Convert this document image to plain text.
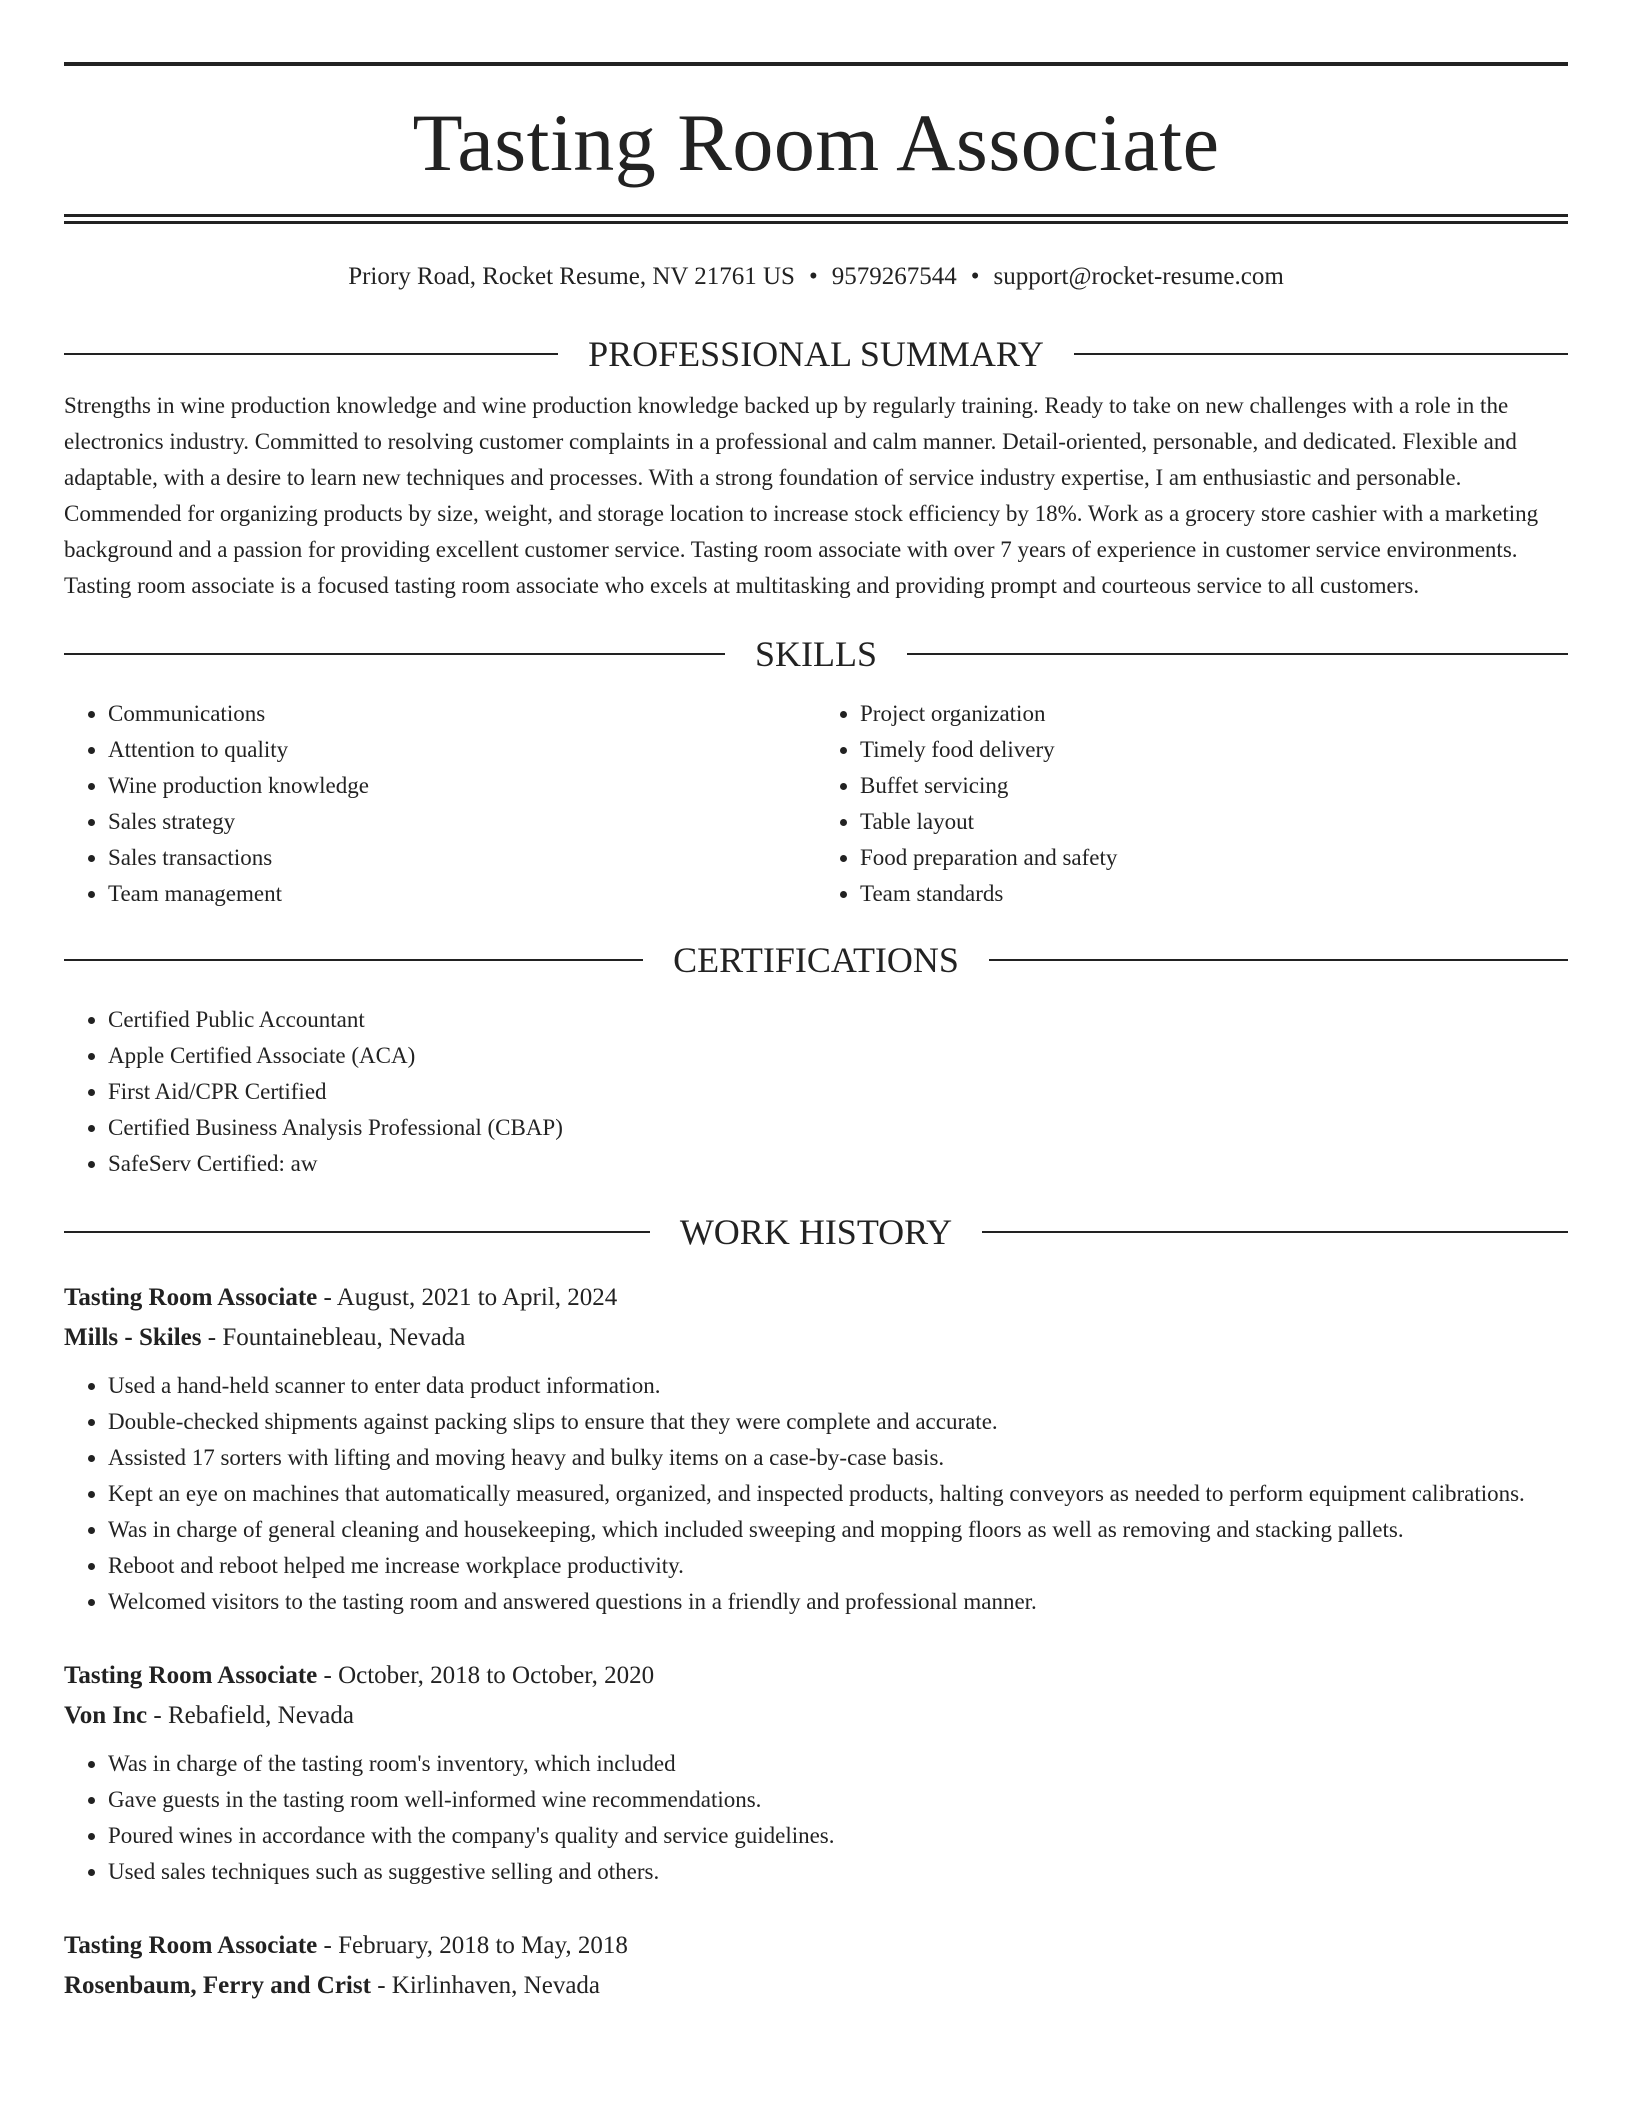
Tasting Room Associate
Priory Road, Rocket Resume, NV 21761 US • 9579267544 • support@rocket-resume.com
PROFESSIONAL SUMMARY

Strengths in wine production knowledge and wine production knowledge backed up by regularly training. Ready to take on new challenges with a role in the electronics industry. Committed to resolving customer complaints in a professional and calm manner. Detail-oriented, personable, and dedicated. Flexible and adaptable, with a desire to learn new techniques and processes. With a strong foundation of service industry expertise, I am enthusiastic and personable. Commended for organizing products by size, weight, and storage location to increase stock efficiency by 18%. Work as a grocery store cashier with a marketing background and a passion for providing excellent customer service. Tasting room associate with over 7 years of experience in customer service environments. Tasting room associate is a focused tasting room associate who excels at multitasking and providing prompt and courteous service to all customers.

SKILLS
• Communications
• Attention to quality
• Wine production knowledge
• Sales strategy
• Sales transactions
• Team management
• Project organization
• Timely food delivery
• Buffet servicing
• Table layout
• Food preparation and safety
• Team standards
CERTIFICATIONS
• Certified Public Accountant
• Apple Certified Associate (ACA)
• First Aid/CPR Certified
• Certified Business Analysis Professional (CBAP)
• SafeServ Certified: aw
WORK HISTORY
Tasting Room Associate - August, 2021 to April, 2024
Mills - Skiles - Fountainebleau, Nevada
• Used a hand-held scanner to enter data product information.
• Double-checked shipments against packing slips to ensure that they were complete and accurate.
• Assisted 17 sorters with lifting and moving heavy and bulky items on a case-by-case basis.
• Kept an eye on machines that automatically measured, organized, and inspected products, halting conveyors as needed to perform equipment calibrations.
• Was in charge of general cleaning and housekeeping, which included sweeping and mopping floors as well as removing and stacking pallets.
• Reboot and reboot helped me increase workplace productivity.
• Welcomed visitors to the tasting room and answered questions in a friendly and professional manner.
Tasting Room Associate - October, 2018 to October, 2020
Von Inc - Rebafield, Nevada
• Was in charge of the tasting room's inventory, which included
• Gave guests in the tasting room well-informed wine recommendations.
• Poured wines in accordance with the company's quality and service guidelines.
• Used sales techniques such as suggestive selling and others.
Tasting Room Associate - February, 2018 to May, 2018
Rosenbaum, Ferry and Crist - Kirlinhaven, Nevada
